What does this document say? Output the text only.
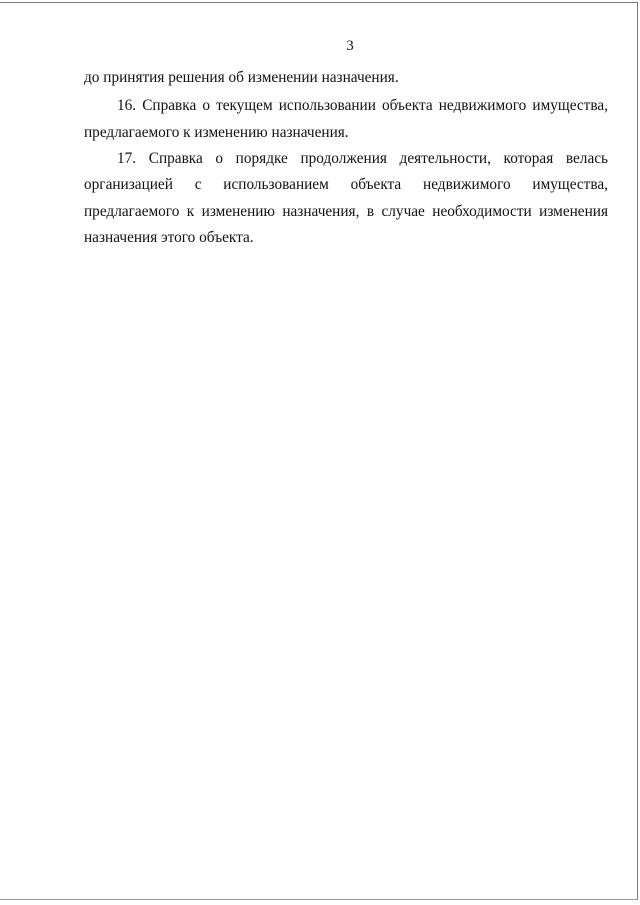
3
до принятия решения об изменении назначения.
16. Справка о текущем использовании объекта недвижимого имущества,
предлагаемого к изменению назначения.
17. Справка о порядке продолжения деятельности, которая велась
организацией с использованием объекта недвижимого имущества,
предлагаемого к изменению назначения, в случае необходимости изменения
назначения этого объекта.
